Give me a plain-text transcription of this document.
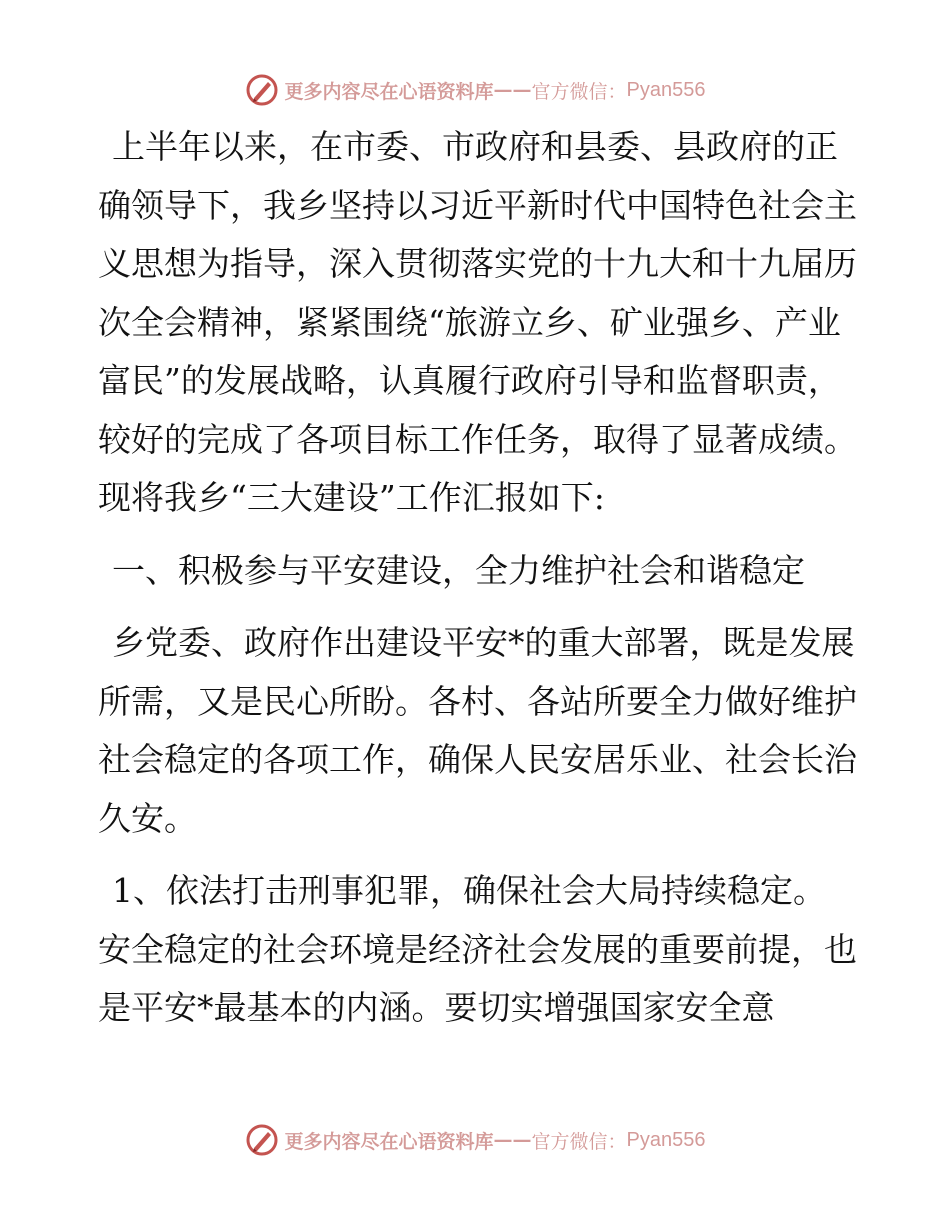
更多内容尽在心语资料库 —— 官方微信： Pyan556

上半年以来，在市委、市政府和县委、县政府的正确领导下，我乡坚持以习近平新时代中国特色社会主义思想为指导，深入贯彻落实党的十九大和十九届历次全会精神，紧紧围绕“旅游立乡、矿业强乡、产业富民”的发展战略，认真履行政府引导和监督职责，较好的完成了各项目标工作任务，取得了显著成绩。现将我乡“三大建设”工作汇报如下:

一、积极参与平安建设，全力维护社会和谐稳定

乡党委、政府作出建设平安*的重大部署，既是发展所需，又是民心所盼。各村、各站所要全力做好维护社会稳定的各项工作，确保人民安居乐业、社会长治久安。

1、依法打击刑事犯罪，确保社会大局持续稳定。安全稳定的社会环境是经济社会发展的重要前提，也是平安*最基本的内涵。要切实增强国家安全意

更多内容尽在心语资料库 —— 官方微信： Pyan556
